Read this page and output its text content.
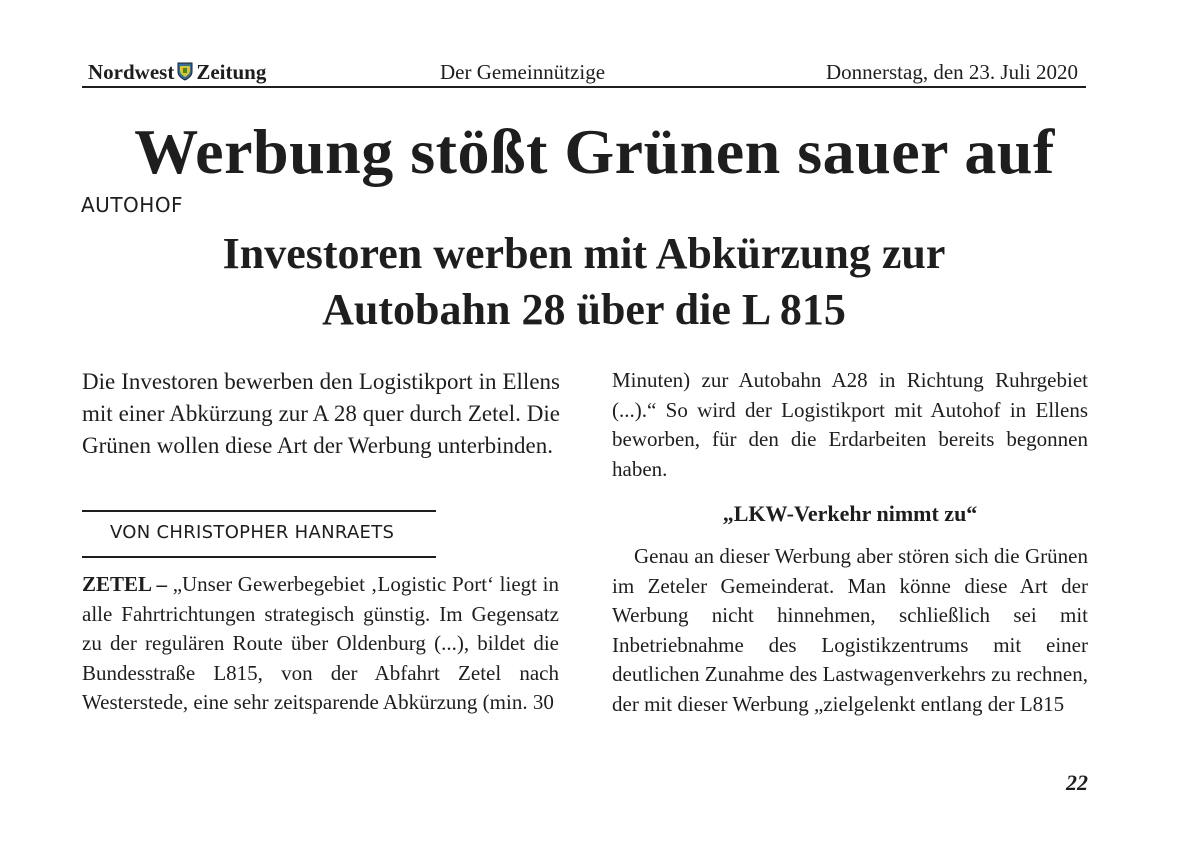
Nordwest Zeitung	Der Gemeinnützige	Donnerstag, den 23. Juli 2020
Werbung stößt Grünen sauer auf
AUTOHOF
Investoren werben mit Abkürzung zur
Autobahn 28 über die L 815

Die Investoren bewerben den Logistikport in Ellens mit einer Abkürzung zur A 28 quer durch Zetel. Die Grünen wollen diese Art der Werbung unterbinden.

VON CHRISTOPHER HANRAETS

ZETEL – „Unser Gewerbegebiet ‚Logistic Port‘ liegt in alle Fahrtrichtungen strategisch günstig. Im Gegensatz zu der regulären Route über Oldenburg (...), bildet die Bundesstraße L815, von der Abfahrt Zetel nach Westerstede, eine sehr zeitsparende Abkürzung (min. 30

Minuten) zur Autobahn A28 in Richtung Ruhrgebiet (...).“ So wird der Logistikport mit Autohof in Ellens beworben, für den die Erdarbeiten bereits begonnen haben.

„LKW-Verkehr nimmt zu“

Genau an dieser Werbung aber stören sich die Grünen im Zeteler Gemeinderat. Man könne diese Art der Werbung nicht hinnehmen, schließlich sei mit Inbetriebnahme des Logistikzentrums mit einer deutlichen Zunahme des Lastwagenverkehrs zu rechnen, der mit dieser Werbung „zielgelenkt entlang der L815

22
